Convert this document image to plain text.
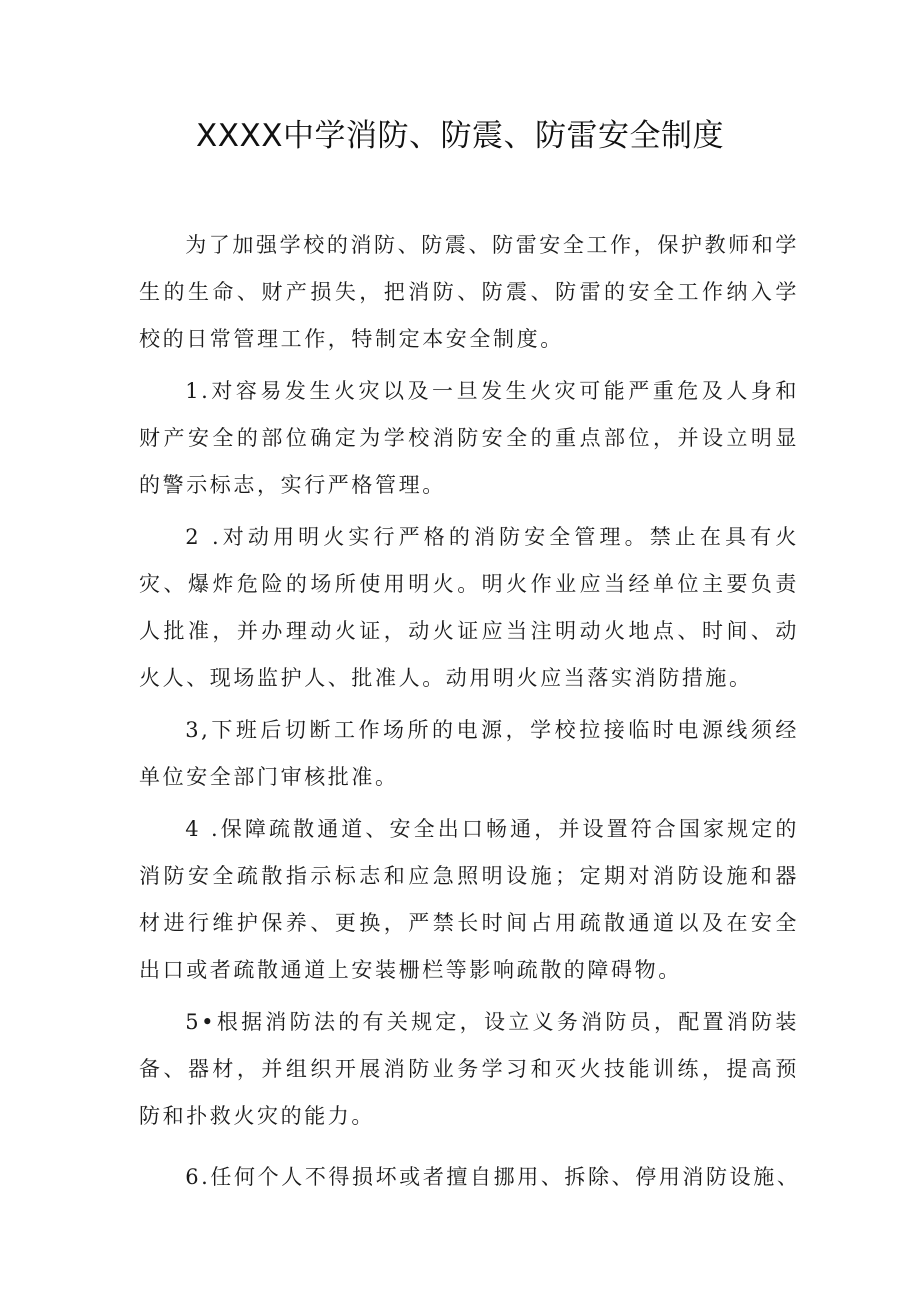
XXXX中学消防、防震、防雷安全制度

为了加强学校的消防、防震、防雷安全工作，保护教师和学生的生命、财产损失，把消防、防震、防雷的安全工作纳入学校的日常管理工作，特制定本安全制度。

1.对容易发生火灾以及一旦发生火灾可能严重危及人身和财产安全的部位确定为学校消防安全的重点部位，并设立明显的警示标志，实行严格管理。

2 .对动用明火实行严格的消防安全管理。禁止在具有火灾、爆炸危险的场所使用明火。明火作业应当经单位主要负责人批准，并办理动火证，动火证应当注明动火地点、时间、动火人、现场监护人、批准人。动用明火应当落实消防措施。

3,下班后切断工作场所的电源，学校拉接临时电源线须经单位安全部门审核批准。

4 .保障疏散通道、安全出口畅通，并设置符合国家规定的消防安全疏散指示标志和应急照明设施；定期对消防设施和器材进行维护保养、更换，严禁长时间占用疏散通道以及在安全出口或者疏散通道上安装栅栏等影响疏散的障碍物。

5•根据消防法的有关规定，设立义务消防员，配置消防装备、器材，并组织开展消防业务学习和灭火技能训练，提高预防和扑救火灾的能力。

6.任何个人不得损坏或者擅自挪用、拆除、停用消防设施、
